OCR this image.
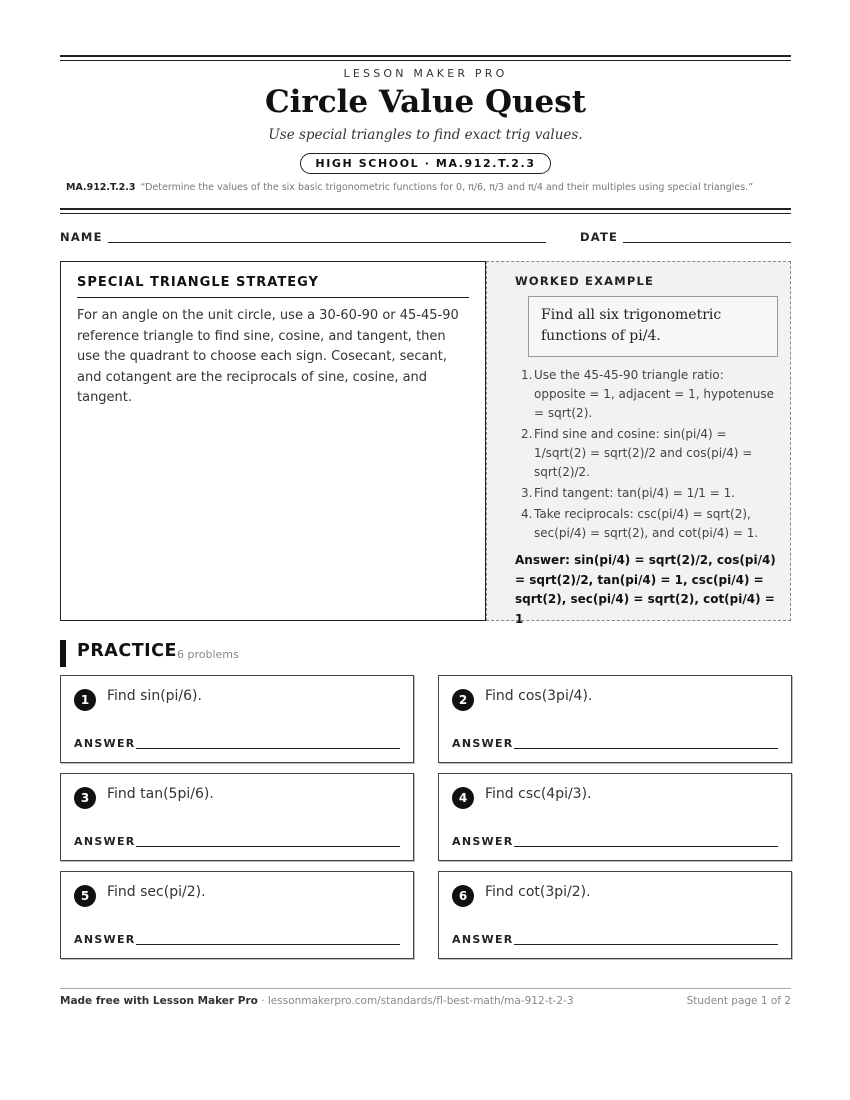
LESSON MAKER PRO
Circle Value Quest
Use special triangles to find exact trig values.
HIGH SCHOOL · MA.912.T.2.3
MA.912.T.2.3 “Determine the values of the six basic trigonometric functions for 0, π/6, π/3 and π/4 and their multiples using special triangles.”
NAME	DATE
SPECIAL TRIANGLE STRATEGY

For an angle on the unit circle, use a 30-60-90 or 45-45-90 reference triangle to find sine, cosine, and tangent, then use the quadrant to choose each sign. Cosecant, secant, and cotangent are the reciprocals of sine, cosine, and tangent.

WORKED EXAMPLE
Find all six trigonometric functions of pi/4.
1. Use the 45-45-90 triangle ratio: opposite = 1, adjacent = 1, hypotenuse = sqrt(2).
2. Find sine and cosine: sin(pi/4) = 1/sqrt(2) = sqrt(2)/2 and cos(pi/4) = sqrt(2)/2.
3. Find tangent: tan(pi/4) = 1/1 = 1.
4. Take reciprocals: csc(pi/4) = sqrt(2), sec(pi/4) = sqrt(2), and cot(pi/4) = 1.
Answer: sin(pi/4) = sqrt(2)/2, cos(pi/4) = sqrt(2)/2, tan(pi/4) = 1, csc(pi/4) = sqrt(2), sec(pi/4) = sqrt(2), cot(pi/4) = 1
PRACTICE 6 problems
1	Find sin(pi/6).
ANSWER
2	Find cos(3pi/4).
ANSWER
3	Find tan(5pi/6).
ANSWER
4	Find csc(4pi/3).
ANSWER
5	Find sec(pi/2).
ANSWER
6	Find cot(3pi/2).
ANSWER
Made free with Lesson Maker Pro · lessonmakerpro.com/standards/fl-best-math/ma-912-t-2-3	Student page 1 of 2
